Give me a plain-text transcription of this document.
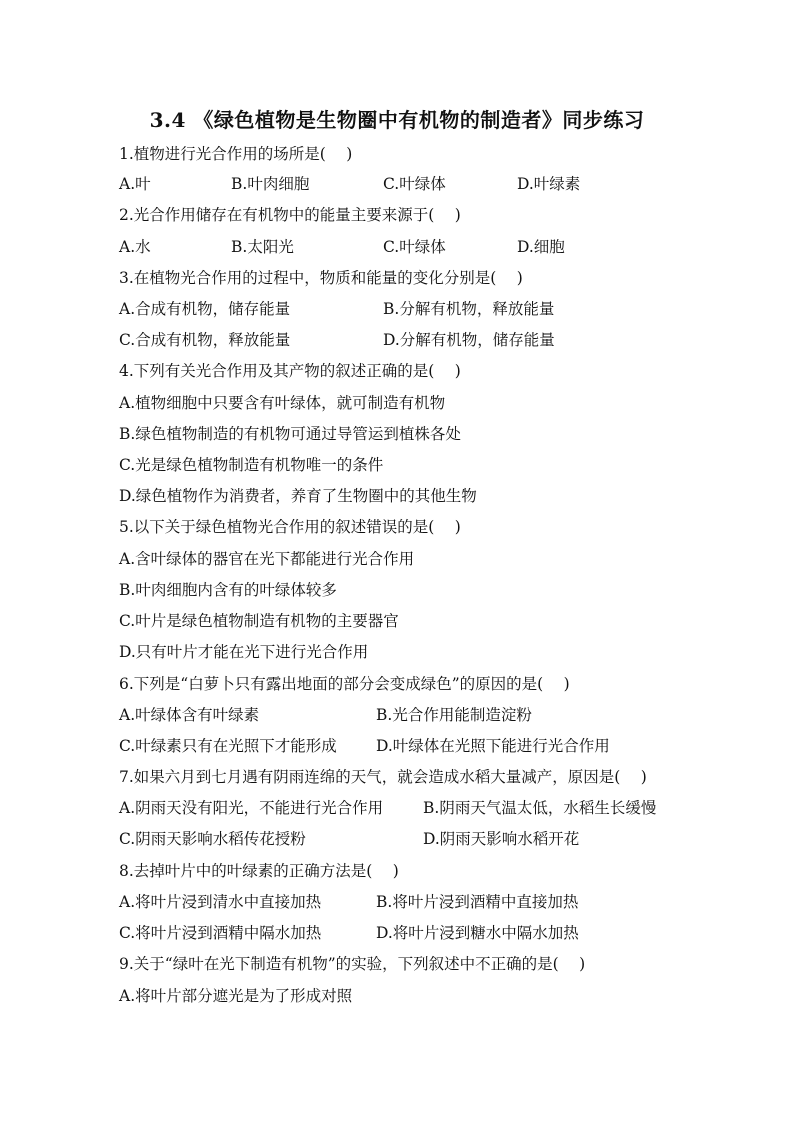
3.4 《绿色植物是生物圈中有机物的制造者》同步练习
1.植物进行光合作用的场所是(　 )
A.叶	B.叶肉细胞	C.叶绿体	D.叶绿素
2.光合作用储存在有机物中的能量主要来源于(　 )
A.水	B.太阳光	C.叶绿体	D.细胞
3.在植物光合作用的过程中，物质和能量的变化分别是(　 )
A.合成有机物，储存能量	B.分解有机物，释放能量
C.合成有机物，释放能量	D.分解有机物，储存能量
4.下列有关光合作用及其产物的叙述正确的是(　 )
A.植物细胞中只要含有叶绿体，就可制造有机物
B.绿色植物制造的有机物可通过导管运到植株各处
C.光是绿色植物制造有机物唯一的条件
D.绿色植物作为消费者，养育了生物圈中的其他生物
5.以下关于绿色植物光合作用的叙述错误的是(　 )
A.含叶绿体的器官在光下都能进行光合作用
B.叶肉细胞内含有的叶绿体较多
C.叶片是绿色植物制造有机物的主要器官
D.只有叶片才能在光下进行光合作用
6.下列是“白萝卜只有露出地面的部分会变成绿色”的原因的是(　 )
A.叶绿体含有叶绿素	B.光合作用能制造淀粉
C.叶绿素只有在光照下才能形成	D.叶绿体在光照下能进行光合作用
7.如果六月到七月遇有阴雨连绵的天气，就会造成水稻大量减产，原因是(　 )
A.阴雨天没有阳光，不能进行光合作用	B.阴雨天气温太低，水稻生长缓慢
C.阴雨天影响水稻传花授粉	D.阴雨天影响水稻开花
8.去掉叶片中的叶绿素的正确方法是(　 )
A.将叶片浸到清水中直接加热	B.将叶片浸到酒精中直接加热
C.将叶片浸到酒精中隔水加热	D.将叶片浸到糖水中隔水加热
9.关于“绿叶在光下制造有机物”的实验，下列叙述中不正确的是(　 )
A.将叶片部分遮光是为了形成对照
